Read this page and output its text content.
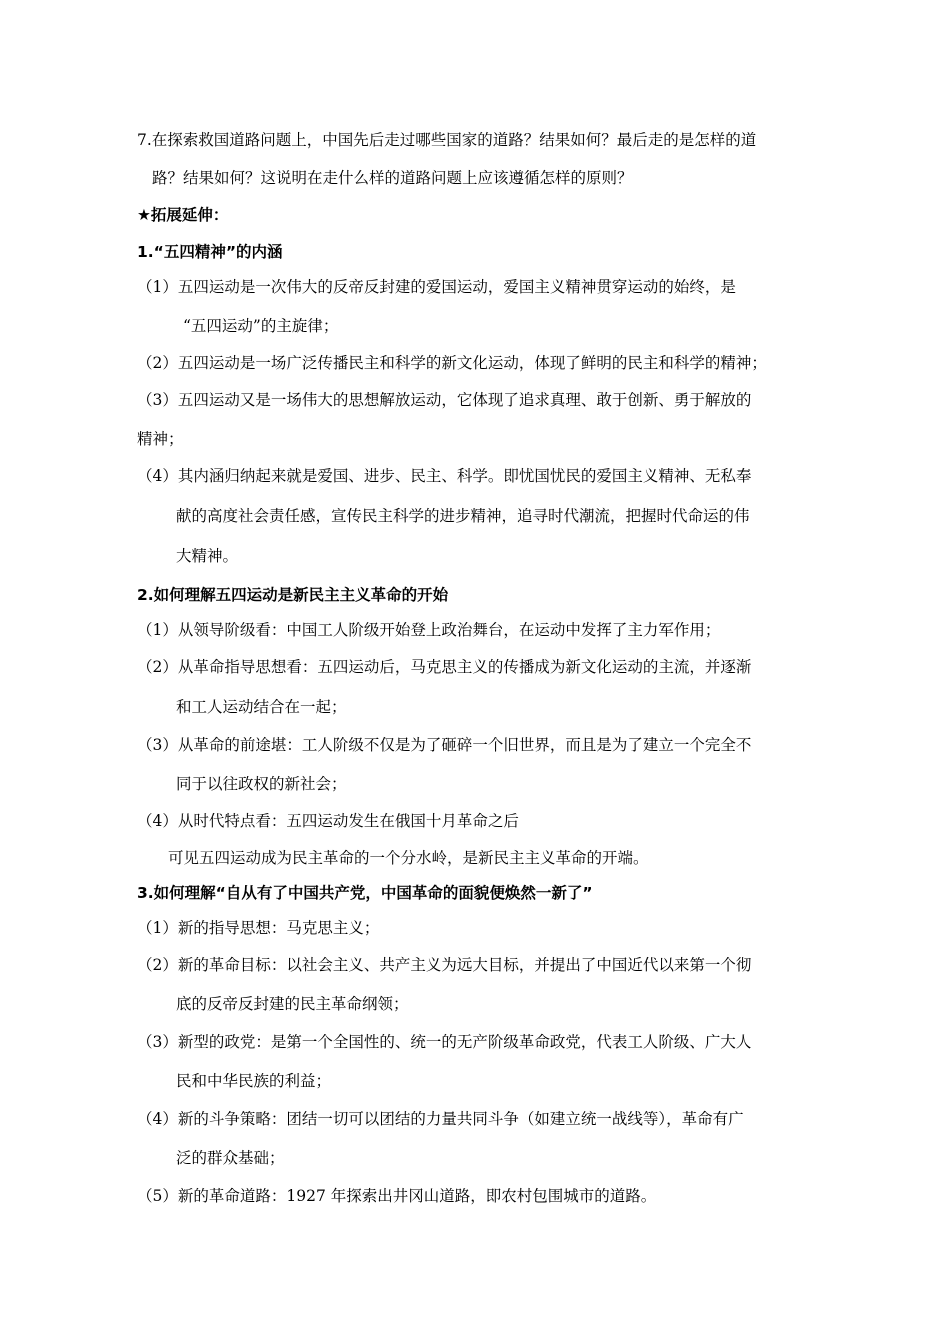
7.在探索救国道路问题上，中国先后走过哪些国家的道路？结果如何？最后走的是怎样的道

路？结果如何？这说明在走什么样的道路问题上应该遵循怎样的原则？

★拓展延伸：

1.“五四精神”的内涵

（1）五四运动是一次伟大的反帝反封建的爱国运动，爱国主义精神贯穿运动的始终，是

“五四运动”的主旋律；

（2）五四运动是一场广泛传播民主和科学的新文化运动，体现了鲜明的民主和科学的精神；

（3）五四运动又是一场伟大的思想解放运动，它体现了追求真理、敢于创新、勇于解放的

精神；

（4）其内涵归纳起来就是爱国、进步、民主、科学。即忧国忧民的爱国主义精神、无私奉

献的高度社会责任感，宣传民主科学的进步精神，追寻时代潮流，把握时代命运的伟

大精神。

2.如何理解五四运动是新民主主义革命的开始

（1）从领导阶级看：中国工人阶级开始登上政治舞台，在运动中发挥了主力军作用；

（2）从革命指导思想看：五四运动后，马克思主义的传播成为新文化运动的主流，并逐渐

和工人运动结合在一起；

（3）从革命的前途堪：工人阶级不仅是为了砸碎一个旧世界，而且是为了建立一个完全不

同于以往政权的新社会；

（4）从时代特点看：五四运动发生在俄国十月革命之后

可见五四运动成为民主革命的一个分水岭，是新民主主义革命的开端。

3.如何理解“自从有了中国共产党，中国革命的面貌便焕然一新了”

（1）新的指导思想：马克思主义；

（2）新的革命目标：以社会主义、共产主义为远大目标，并提出了中国近代以来第一个彻

底的反帝反封建的民主革命纲领；

（3）新型的政党：是第一个全国性的、统一的无产阶级革命政党，代表工人阶级、广大人

民和中华民族的利益；

（4）新的斗争策略：团结一切可以团结的力量共同斗争（如建立统一战线等），革命有广

泛的群众基础；

（5）新的革命道路：1927 年探索出井冈山道路，即农村包围城市的道路。
